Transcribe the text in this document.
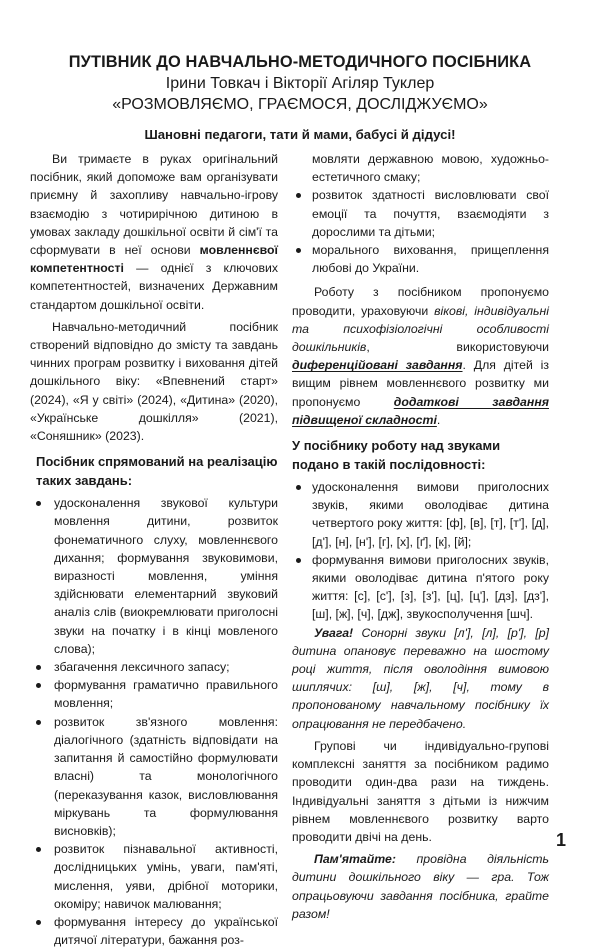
ПУТІВНИК ДО НАВЧАЛЬНО-МЕТОДИЧНОГО ПОСІБНИКА
Ірини Товкач і Вікторії Агіляр Туклер
«РОЗМОВЛЯЄМО, ГРАЄМОСЯ, ДОСЛІДЖУЄМО»
Шановні педагоги, тати й мами, бабусі й дідусі!

Ви тримаєте в руках оригінальний посібник, який допоможе вам організувати приємну й захопливу навчально-ігрову взаємодію з чотирирічною дитиною в умовах закладу дошкільної освіти й сім'ї та сформувати в неї основи мовленнєвої компетентності — однієї з ключових компетентностей, визначених Державним стандартом дошкільної освіти.

Навчально-методичний посібник створений відповідно до змісту та завдань чинних програм розвитку і виховання дітей дошкільного віку: «Впевнений старт» (2024), «Я у світі» (2024), «Дитина» (2020), «Українське дошкілля» (2021), «Соняшник» (2023).

Посібник спрямований на реалізацію таких завдань:
удосконалення звукової культури мовлення дитини, розвиток фонематичного слуху, мовленнєвого дихання; формування звуковимови, виразності мовлення, уміння здійснювати елементарний звуковий аналіз слів (виокремлювати приголосні звуки на початку і в кінці мовленого слова);
збагачення лексичного запасу;
формування граматично правильного мовлення;
розвиток зв'язного мовлення: діалогічного (здатність відповідати на запитання й самостійно формулювати власні) та монологічного (переказування казок, висловлювання міркувань та формулювання висновків);
розвиток пізнавальної активності, дослідницьких умінь, уваги, пам'яті, мислення, уяви, дрібної моторики, окоміру; навичок малювання;
формування інтересу до української дитячої літератури, бажання роз-
мовляти державною мовою, художньо-естетичного смаку;
розвиток здатності висловлювати свої емоції та почуття, взаємодіяти з дорослими та дітьми;
морального виховання, прищеплення любові до України.

Роботу з посібником пропонуємо проводити, ураховуючи вікові, індивідуальні та психофізіологічні особливості дошкільників, використовуючи диференційовані завдання. Для дітей із вищим рівнем мовленнєвого розвитку ми пропонуємо додаткові завдання підвищеної складності.

У посібнику роботу над звуками подано в такій послідовності:
удосконалення вимови приголосних звуків, якими оволодіває дитина четвертого року життя: [ф], [в], [т], [т'], [д], [д'], [н], [н'], [г], [х], [ґ], [к], [й];
формування вимови приголосних звуків, якими оволодіває дитина п'ятого року життя: [с], [с'], [з], [з'], [ц], [ц'], [дз], [дз'], [ш], [ж], [ч], [дж], звукосполучення [шч].

Увага! Сонорні звуки [л'], [л], [р'], [р] дитина опановує переважно на шостому році життя, після оволодіння вимовою шиплячих: [ш], [ж], [ч], тому в пропонованому навчальному посібнику їх опрацювання не передбачено.

Групові чи індивідуально-групові комплексні заняття за посібником радимо проводити один-два рази на тиждень. Індивідуальні заняття з дітьми із нижчим рівнем мовленнєвого розвитку варто проводити двічі на день.

Пам'ятайте: провідна діяльність дитини дошкільного віку — гра. Тож опрацьовуючи завдання посібника, грайте разом!

1
